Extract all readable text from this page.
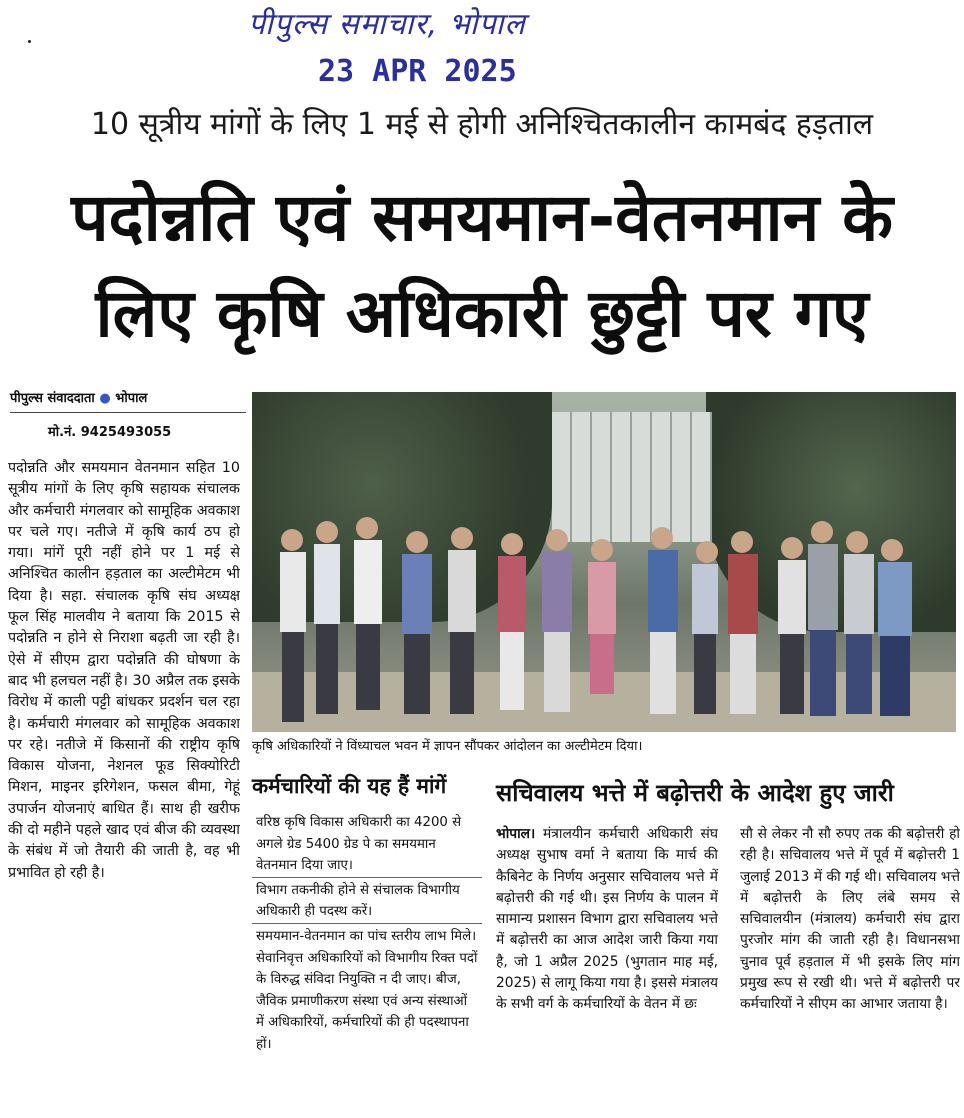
पीपुल्स समाचार, भोपाल
23 APR 2025
10 सूत्रीय मांगों के लिए 1 मई से होगी अनिश्चितकालीन कामबंद हड़ताल
पदोन्नति एवं समयमान-वेतनमान के
लिए कृषि अधिकारी छुट्टी पर गए
पीपुल्स संवाददाता ● भोपाल
मो.नं. 9425493055
पदोन्नति और समयमान वेतनमान सहित 10 सूत्रीय मांगों के लिए कृषि सहायक संचालक और कर्मचारी मंगलवार को सामूहिक अवकाश पर चले गए। नतीजे में कृषि कार्य ठप हो गया। मांगें पूरी नहीं होने पर 1 मई से अनिश्चित कालीन हड़ताल का अल्टीमेटम भी दिया है। सहा. संचालक कृषि संघ अध्यक्ष फूल सिंह मालवीय ने बताया कि 2015 से पदोन्नति न होने से निराशा बढ़ती जा रही है। ऐसे में सीएम द्वारा पदोन्नति की घोषणा के बाद भी हलचल नहीं है। 30 अप्रैल तक इसके विरोध में काली पट्टी बांधकर प्रदर्शन चल रहा है। कर्मचारी मंगलवार को सामूहिक अवकाश पर रहे। नतीजे में किसानों की राष्ट्रीय कृषि विकास योजना, नेशनल फूड सिक्योरिटी मिशन, माइनर इरिगेशन, फसल बीमा, गेहूं उपार्जन योजनाएं बाधित हैं। साथ ही खरीफ की दो महीने पहले खाद एवं बीज की व्यवस्था के संबंध में जो तैयारी की जाती है, वह भी प्रभावित हो रही है।
कृषि अधिकारियों ने विंध्याचल भवन में ज्ञापन सौंपकर आंदोलन का अल्टीमेटम दिया।
कर्मचारियों की यह हैं मांगें

वरिष्ठ कृषि विकास अधिकारी का 4200 से अगले ग्रेड 5400 ग्रेड पे का समयमान वेतनमान दिया जाए।

विभाग तकनीकी होने से संचालक विभागीय अधिकारी ही पदस्थ करें।

समयमान-वेतनमान का पांच स्तरीय लाभ मिले। सेवानिवृत्त अधिकारियों को विभागीय रिक्त पदों के विरुद्ध संविदा नियुक्ति न दी जाए। बीज, जैविक प्रमाणीकरण संस्था एवं अन्य संस्थाओं में अधिकारियों, कर्मचारियों की ही पदस्थापना हों।

सचिवालय भत्ते में बढ़ोत्तरी के आदेश हुए जारी
भोपाल। मंत्रालयीन कर्मचारी अधिकारी संघ अध्यक्ष सुभाष वर्मा ने बताया कि मार्च की कैबिनेट के निर्णय अनुसार सचिवालय भत्ते में बढ़ोत्तरी की गई थी। इस निर्णय के पालन में सामान्य प्रशासन विभाग द्वारा सचिवालय भत्ते में बढ़ोत्तरी का आज आदेश जारी किया गया है, जो 1 अप्रैल 2025 (भुगतान माह मई, 2025) से लागू किया गया है। इससे मंत्रालय के सभी वर्ग के कर्मचारियों के वेतन में छः
सौ से लेकर नौ सौ रुपए तक की बढ़ोत्तरी हो रही है। सचिवालय भत्ते में पूर्व में बढ़ोत्तरी 1 जुलाई 2013 में की गई थी। सचिवालय भत्ते में बढ़ोत्तरी के लिए लंबे समय से सचिवालयीन (मंत्रालय) कर्मचारी संघ द्वारा पुरजोर मांग की जाती रही है। विधानसभा चुनाव पूर्व हड़ताल में भी इसके लिए मांग प्रमुख रूप से रखी थी। भत्ते में बढ़ोत्तरी पर कर्मचारियों ने सीएम का आभार जताया है।
